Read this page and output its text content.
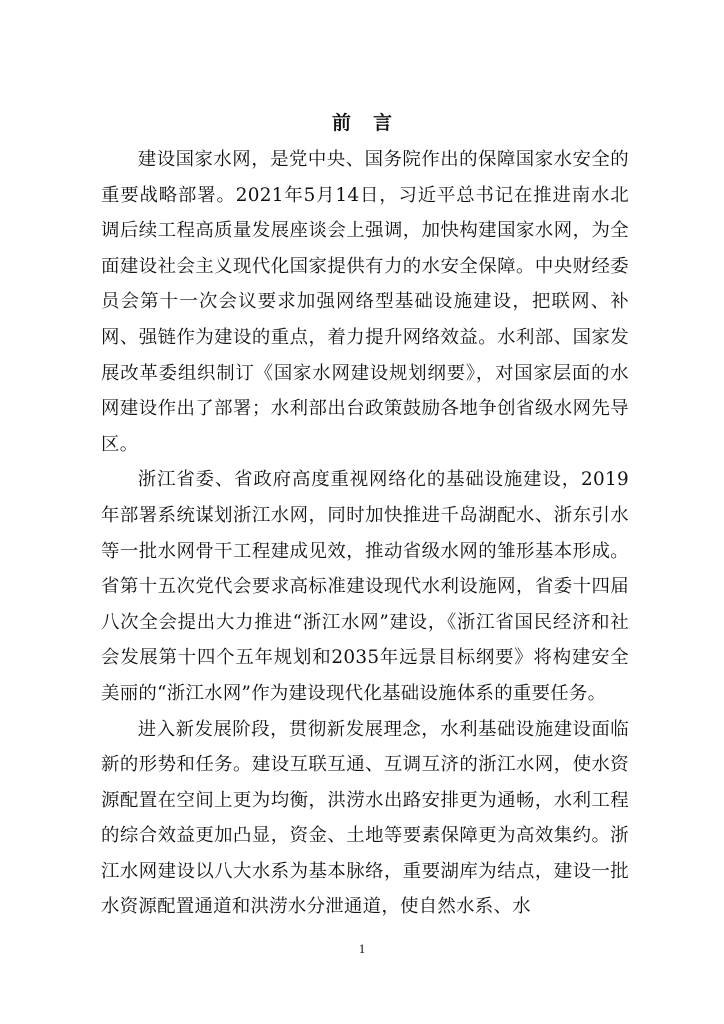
前言

建设国家水网，是党中央、国务院作出的保障国家水安全的重要战略部署。2021年5月14日，习近平总书记在推进南水北调后续工程高质量发展座谈会上强调，加快构建国家水网，为全面建设社会主义现代化国家提供有力的水安全保障。中央财经委员会第十一次会议要求加强网络型基础设施建设，把联网、补网、强链作为建设的重点，着力提升网络效益。水利部、国家发展改革委组织制订《国家水网建设规划纲要》，对国家层面的水网建设作出了部署；水利部出台政策鼓励各地争创省级水网先导区。

浙江省委、省政府高度重视网络化的基础设施建设，2019年部署系统谋划浙江水网，同时加快推进千岛湖配水、浙东引水等一批水网骨干工程建成见效，推动省级水网的雏形基本形成。省第十五次党代会要求高标准建设现代水利设施网，省委十四届八次全会提出大力推进“浙江水网”建设，《浙江省国民经济和社会发展第十四个五年规划和2035年远景目标纲要》将构建安全美丽的“浙江水网”作为建设现代化基础设施体系的重要任务。

进入新发展阶段，贯彻新发展理念，水利基础设施建设面临新的形势和任务。建设互联互通、互调互济的浙江水网，使水资源配置在空间上更为均衡，洪涝水出路安排更为通畅，水利工程的综合效益更加凸显，资金、土地等要素保障更为高效集约。浙江水网建设以八大水系为基本脉络，重要湖库为结点，建设一批水资源配置通道和洪涝水分泄通道，使自然水系、水

1
